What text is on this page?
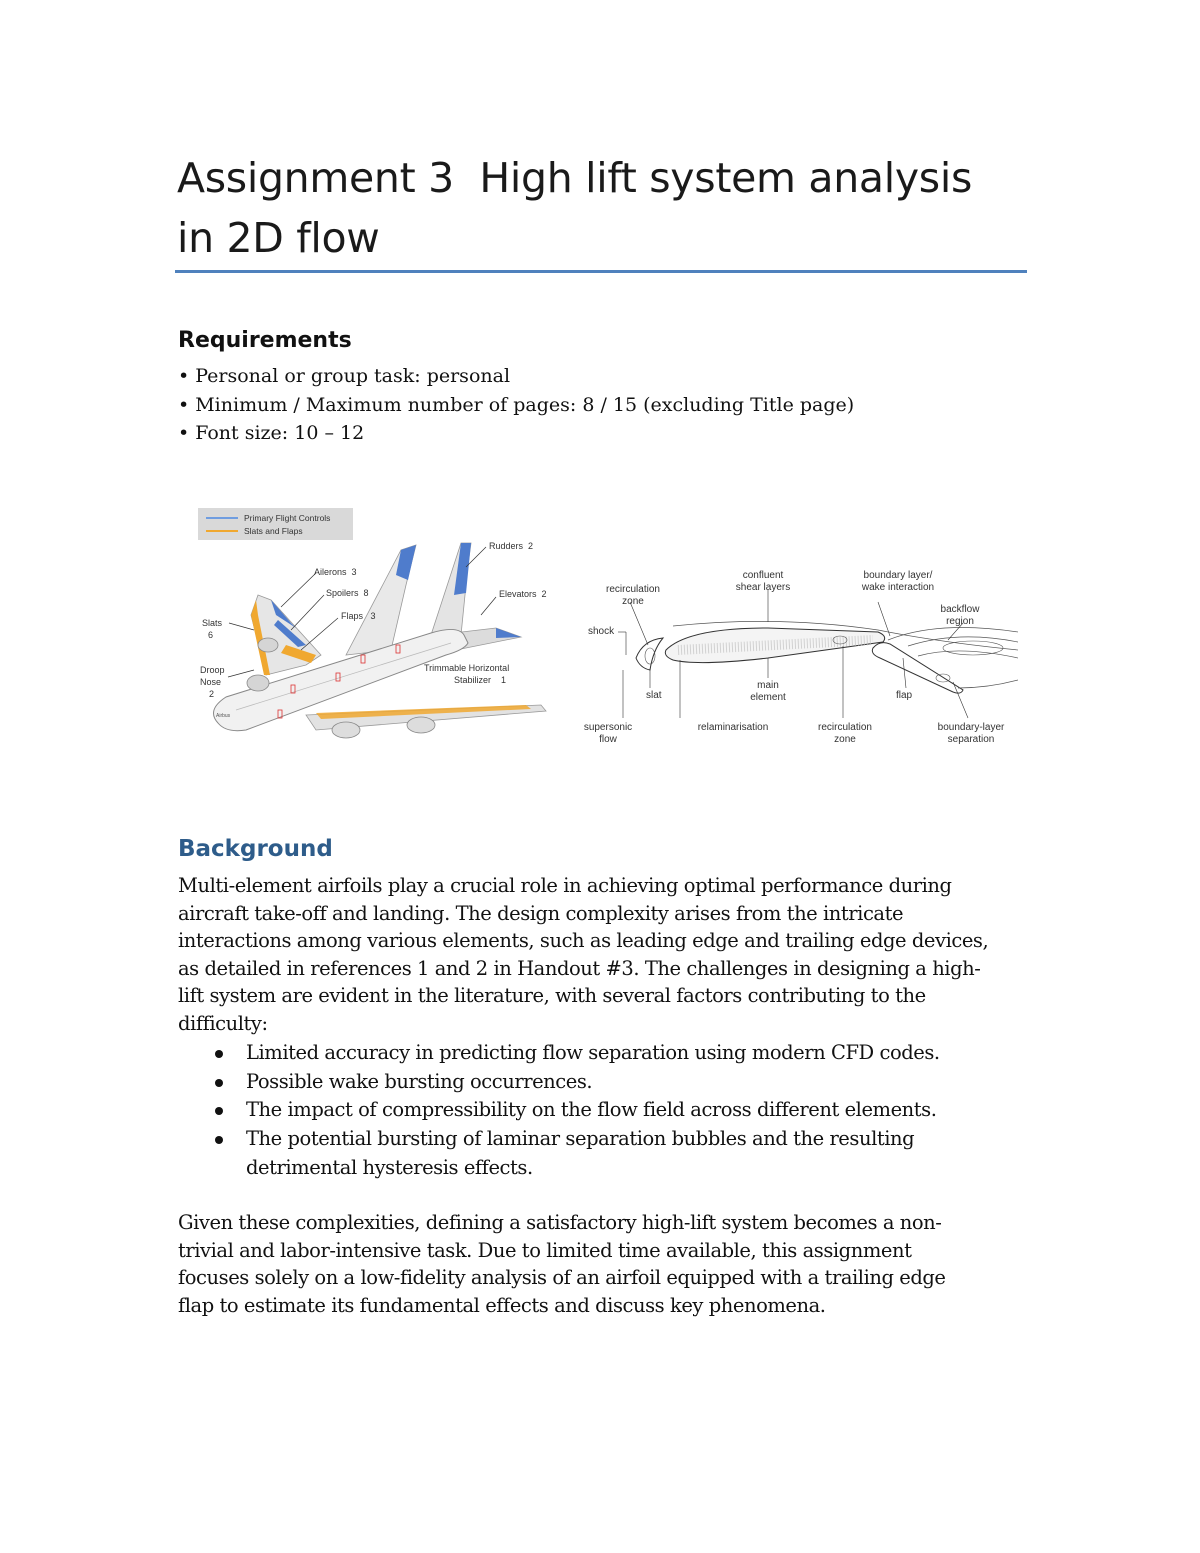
Assignment 3  High lift system analysis
in 2D flow
Requirements
• Personal or group task: personal
• Minimum / Maximum number of pages: 8 / 15 (excluding Title page)
• Font size: 10 – 12
Primary Flight Controls
Slats and Flaps
Airbus
Rudders  2
Ailerons  3
Spoilers  8
Flaps   3
Elevators  2
Slats
6
Droop
Nose
2
Trimmable Horizontal
Stabilizer    1
recirculation
zone
confluent
shear layers
boundary layer/
wake interaction
backflow
region
shock
slat
main
element	flap
supersonic
flow
relaminarisation	recirculation
zone
boundary-layer
separation
Background

Multi-element airfoils play a crucial role in achieving optimal performance during
aircraft take-off and landing. The design complexity arises from the intricate
interactions among various elements, such as leading edge and trailing edge devices,
as detailed in references 1 and 2 in Handout #3. The challenges in designing a high-
lift system are evident in the literature, with several factors contributing to the
difficulty:

Limited accuracy in predicting flow separation using modern CFD codes.
Possible wake bursting occurrences.
The impact of compressibility on the flow field across different elements.
The potential bursting of laminar separation bubbles and the resulting
detrimental hysteresis effects.

Given these complexities, defining a satisfactory high-lift system becomes a non-
trivial and labor-intensive task. Due to limited time available, this assignment
focuses solely on a low-fidelity analysis of an airfoil equipped with a trailing edge
flap to estimate its fundamental effects and discuss key phenomena.
